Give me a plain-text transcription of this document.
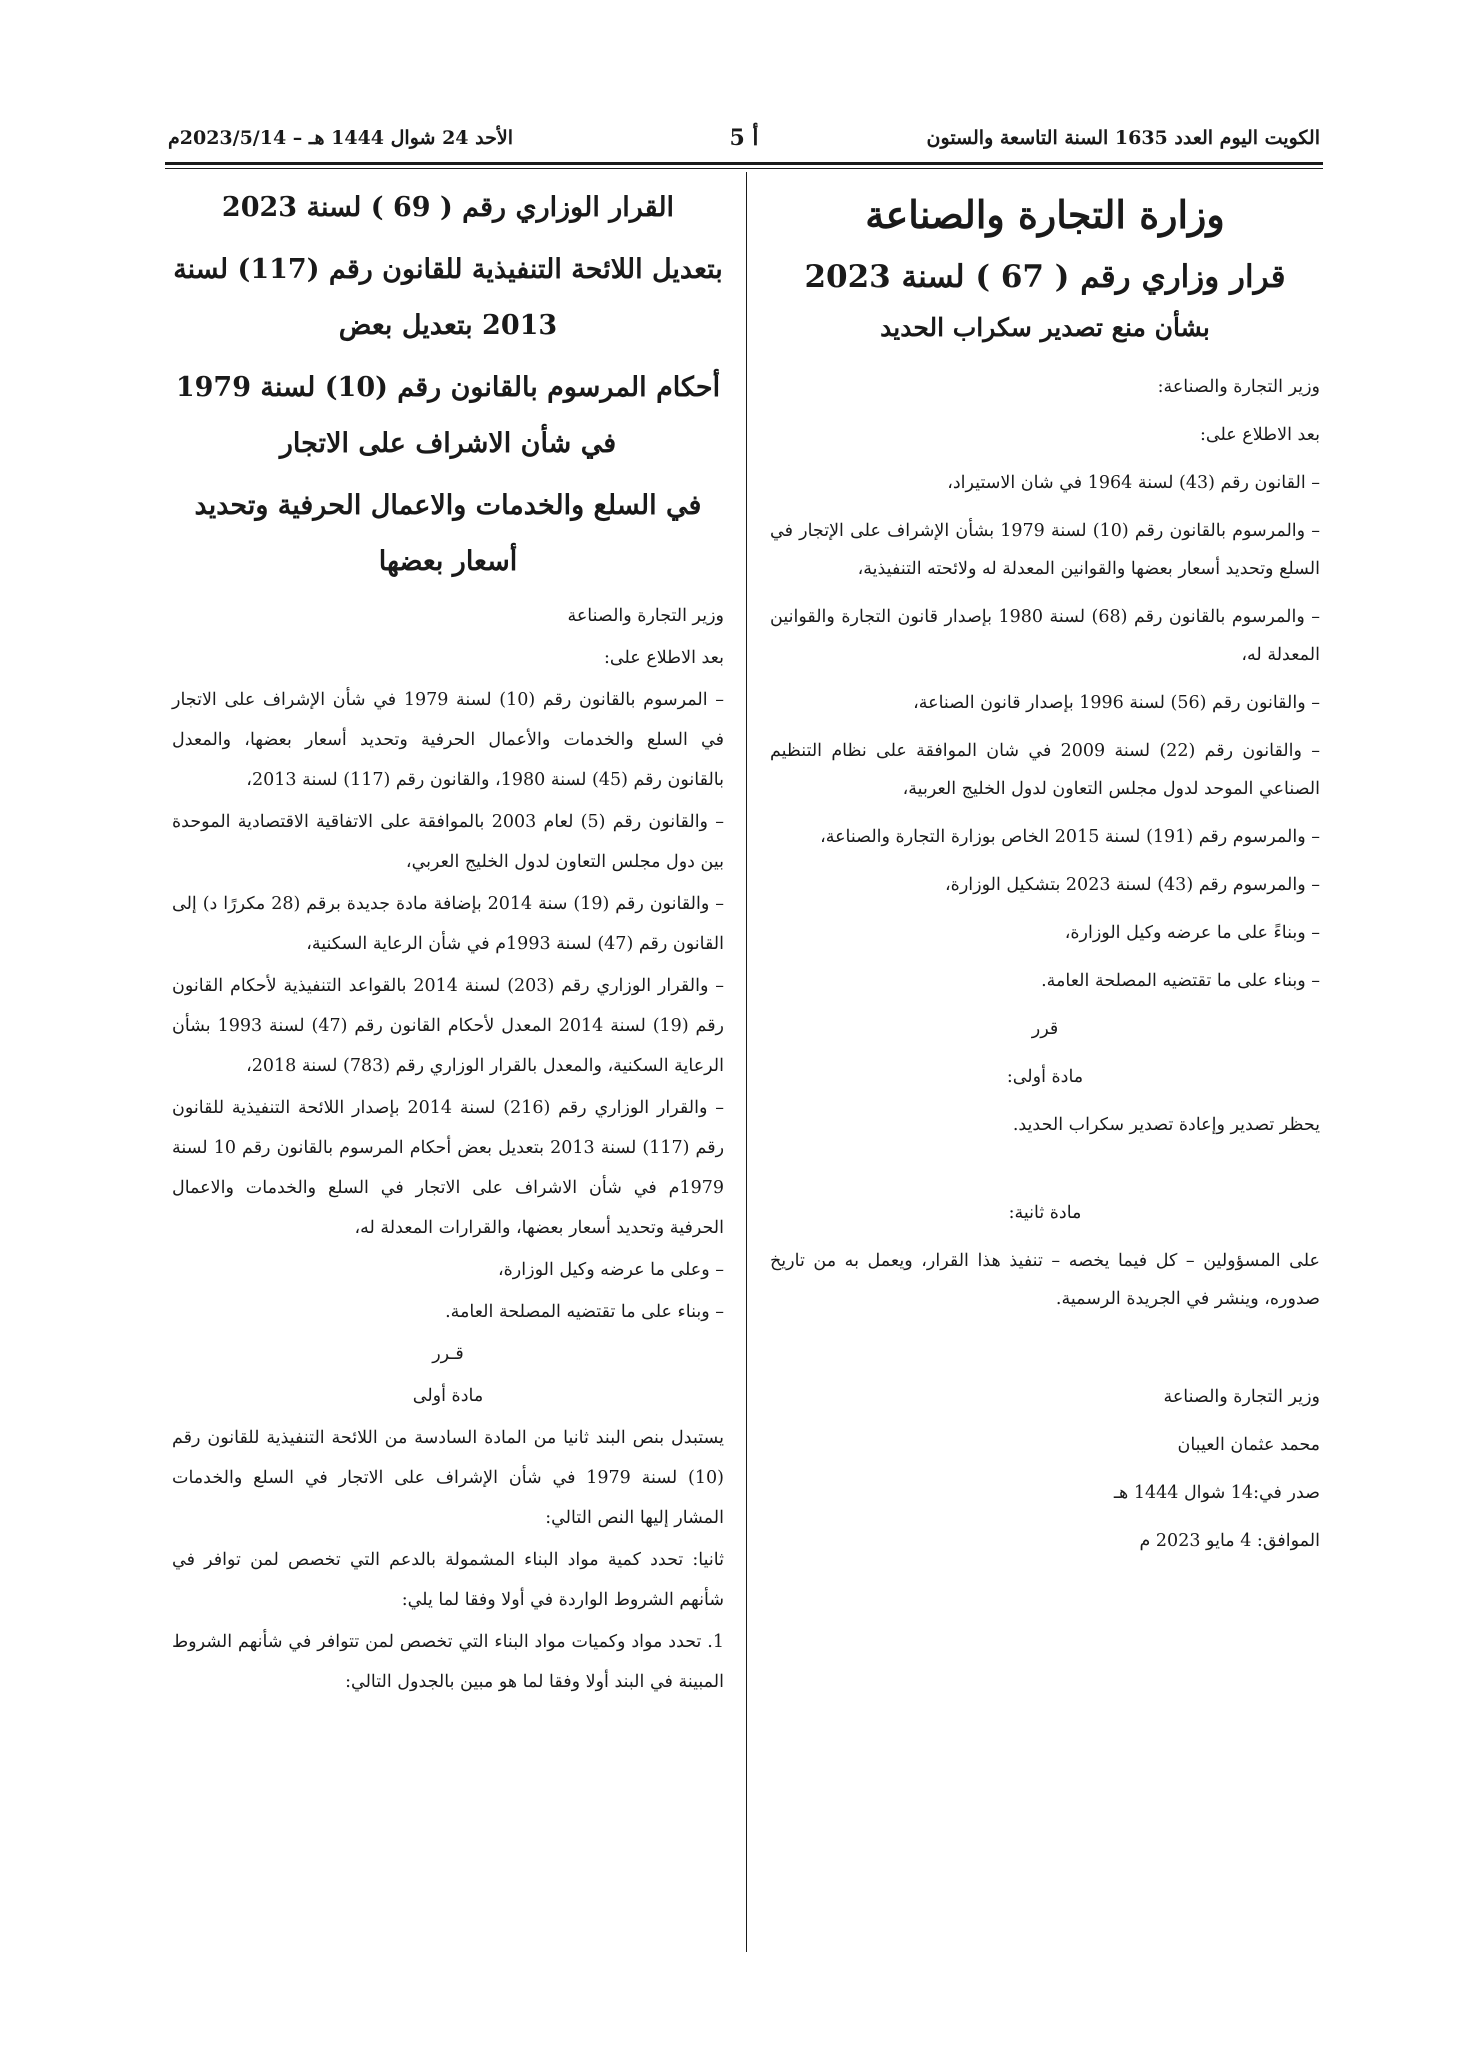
الكويت اليوم العدد 1635 السنة التاسعة والستون
أ 5
الأحد 24 شوال 1444 هـ – 2023/5/14م
وزارة التجارة والصناعة
قرار وزاري رقم ( 67 ) لسنة 2023
بشأن منع تصدير سكراب الحديد

وزير التجارة والصناعة:

بعد الاطلاع على:

– القانون رقم (43) لسنة 1964 في شان الاستيراد،

– والمرسوم بالقانون رقم (10) لسنة 1979 بشأن الإشراف على الإتجار في السلع وتحديد أسعار بعضها والقوانين المعدلة له ولائحته التنفيذية،

– والمرسوم بالقانون رقم (68) لسنة 1980 بإصدار قانون التجارة والقوانين المعدلة له،

– والقانون رقم (56) لسنة 1996 بإصدار قانون الصناعة،

– والقانون رقم (22) لسنة 2009 في شان الموافقة على نظام التنظيم الصناعي الموحد لدول مجلس التعاون لدول الخليج العربية،

– والمرسوم رقم (191) لسنة 2015 الخاص بوزارة التجارة والصناعة،

– والمرسوم رقم (43) لسنة 2023 بتشكيل الوزارة،

– وبناءً على ما عرضه وكيل الوزارة،

– وبناء على ما تقتضيه المصلحة العامة.

قرر

مادة أولى:

يحظر تصدير وإعادة تصدير سكراب الحديد.

مادة ثانية:

على المسؤولين – كل فيما يخصه – تنفيذ هذا القرار، ويعمل به من تاريخ صدوره، وينشر في الجريدة الرسمية.

وزير التجارة والصناعة

محمد عثمان العيبان

صدر في:14 شوال 1444 هـ

الموافق: 4 مايو 2023 م

القرار الوزاري رقم ( 69 ) لسنة 2023
بتعديل اللائحة التنفيذية للقانون رقم (117) لسنة 2013 بتعديل بعض
أحكام المرسوم بالقانون رقم (10) لسنة 1979 في شأن الاشراف على الاتجار
في السلع والخدمات والاعمال الحرفية وتحديد أسعار بعضها

وزير التجارة والصناعة

بعد الاطلاع على:

– المرسوم بالقانون رقم (10) لسنة 1979 في شأن الإشراف على الاتجار في السلع والخدمات والأعمال الحرفية وتحديد أسعار بعضها، والمعدل بالقانون رقم (45) لسنة 1980، والقانون رقم (117) لسنة 2013،

– والقانون رقم (5) لعام 2003 بالموافقة على الاتفاقية الاقتصادية الموحدة بين دول مجلس التعاون لدول الخليج العربي،

– والقانون رقم (19) سنة 2014 بإضافة مادة جديدة برقم (28 مكررًا د) إلى القانون رقم (47) لسنة 1993م في شأن الرعاية السكنية،

– والقرار الوزاري رقم (203) لسنة 2014 بالقواعد التنفيذية لأحكام القانون رقم (19) لسنة 2014 المعدل لأحكام القانون رقم (47) لسنة 1993 بشأن الرعاية السكنية، والمعدل بالقرار الوزاري رقم (783) لسنة 2018،

– والقرار الوزاري رقم (216) لسنة 2014 بإصدار اللائحة التنفيذية للقانون رقم (117) لسنة 2013 بتعديل بعض أحكام المرسوم بالقانون رقم 10 لسنة 1979م في شأن الاشراف على الاتجار في السلع والخدمات والاعمال الحرفية وتحديد أسعار بعضها، والقرارات المعدلة له،

– وعلى ما عرضه وكيل الوزارة،

– وبناء على ما تقتضيه المصلحة العامة.

قـرر

مادة أولى

يستبدل بنص البند ثانيا من المادة السادسة من اللائحة التنفيذية للقانون رقم (10) لسنة 1979 في شأن الإشراف على الاتجار في السلع والخدمات المشار إليها النص التالي:

ثانيا: تحدد كمية مواد البناء المشمولة بالدعم التي تخصص لمن توافر في شأنهم الشروط الواردة في أولا وفقا لما يلي:

1. تحدد مواد وكميات مواد البناء التي تخصص لمن تتوافر في شأنهم الشروط المبينة في البند أولا وفقا لما هو مبين بالجدول التالي:
